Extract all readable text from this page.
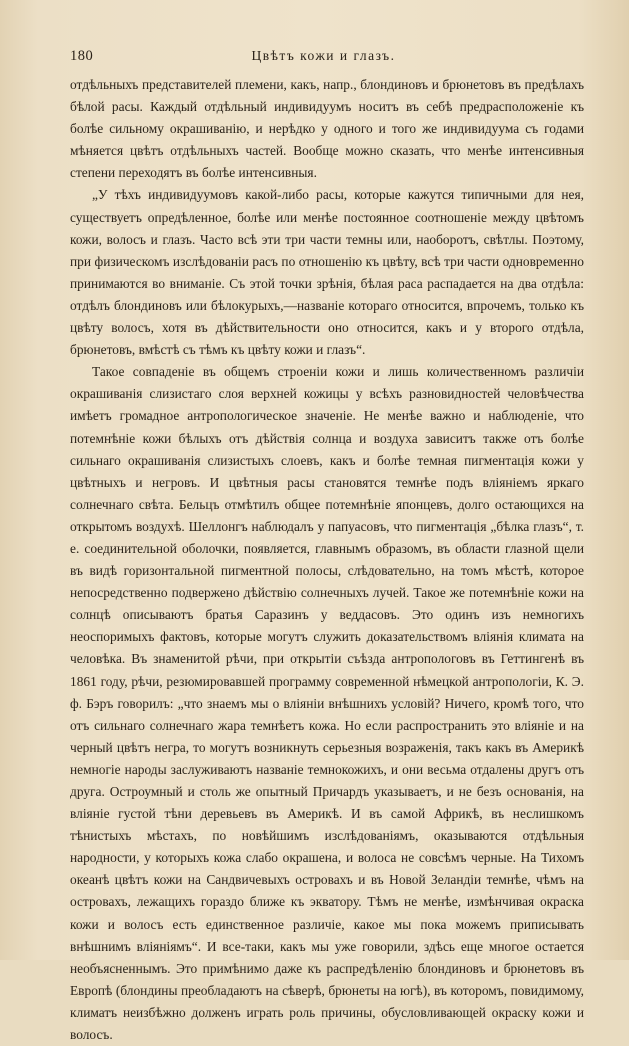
180	Цвѣтъ кожи и глазъ.

отдѣльныхъ представителей племени, какъ, напр., блондиновъ и брюнетовъ въ предѣлахъ бѣлой расы. Каждый отдѣльный индивидуумъ носитъ въ себѣ предрасположеніе къ болѣе сильному окрашиванію, и нерѣдко у одного и того же индивидуума съ годами мѣняется цвѣтъ отдѣльныхъ частей. Вообще можно сказать, что менѣе интенсивныя степени переходятъ въ болѣе интенсивныя.

„У тѣхъ индивидуумовъ какой-либо расы, которые кажутся типичными для нея, существуетъ опредѣленное, болѣе или менѣе постоянное соотношеніе между цвѣтомъ кожи, волосъ и глазъ. Часто всѣ эти три части темны или, наоборотъ, свѣтлы. Поэтому, при физическомъ изслѣдованіи расъ по отношенію къ цвѣту, всѣ три части одновременно принимаются во вниманіе. Съ этой точки зрѣнія, бѣлая раса распадается на два отдѣла: отдѣлъ блондиновъ или бѣлокурыхъ,—названіе котораго относится, впрочемъ, только къ цвѣту волосъ, хотя въ дѣйствительности оно относится, какъ и у второго отдѣла, брюнетовъ, вмѣстѣ съ тѣмъ къ цвѣту кожи и глазъ“.

Такое совпаденіе въ общемъ строеніи кожи и лишь количественномъ различіи окрашиванія слизистаго слоя верхней кожицы у всѣхъ разновидностей человѣчества имѣетъ громадное антропологическое значеніе. Не менѣе важно и наблюденіе, что потемнѣніе кожи бѣлыхъ отъ дѣйствія солнца и воздуха зависитъ также отъ болѣе сильнаго окрашиванія слизистыхъ слоевъ, какъ и болѣе темная пигментація кожи у цвѣтныхъ и негровъ. И цвѣтныя расы становятся темнѣе подъ вліяніемъ яркаго солнечнаго свѣта. Бельцъ отмѣтилъ общее потемнѣніе японцевъ, долго остающихся на открытомъ воздухѣ. Шеллонгъ наблюдалъ у папуасовъ, что пигментація „бѣлка глазъ“, т. е. соединительной оболочки, появляется, главнымъ образомъ, въ области глазной щели въ видѣ горизонтальной пигментной полосы, слѣдовательно, на томъ мѣстѣ, которое непосредственно подвержено дѣйствію солнечныхъ лучей. Такое же потемнѣніе кожи на солнцѣ описываютъ братья Саразинъ у веддасовъ. Это одинъ изъ немногихъ неоспоримыхъ фактовъ, которые могутъ служить доказательствомъ вліянія климата на человѣка. Въ знаменитой рѣчи, при открытіи съѣзда антропологовъ въ Геттингенѣ въ 1861 году, рѣчи, резюмировавшей программу современной нѣмецкой антропологіи, К. Э. ф. Бэръ говорилъ: „что знаемъ мы о вліяніи внѣшнихъ условій? Ничего, кромѣ того, что отъ сильнаго солнечнаго жара темнѣетъ кожа. Но если распространить это вліяніе и на черный цвѣтъ негра, то могутъ возникнуть серьезныя возраженія, такъ какъ въ Америкѣ немногіе народы заслуживаютъ названіе темнокожихъ, и они весьма отдалены другъ отъ друга. Остроумный и столь же опытный Причардъ указываетъ, и не безъ основанія, на вліяніе густой тѣни деревьевъ въ Америкѣ. И въ самой Африкѣ, въ неслишкомъ тѣнистыхъ мѣстахъ, по новѣйшимъ изслѣдованіямъ, оказываются отдѣльныя народности, у которыхъ кожа слабо окрашена, и волоса не совсѣмъ черные. На Тихомъ океанѣ цвѣтъ кожи на Сандвичевыхъ островахъ и въ Новой Зеландіи темнѣе, чѣмъ на островахъ, лежащихъ гораздо ближе къ экватору. Тѣмъ не менѣе, измѣнчивая окраска кожи и волосъ есть единственное различіе, какое мы пока можемъ приписывать внѣшнимъ вліяніямъ“. И все-таки, какъ мы уже говорили, здѣсь еще многое остается необъясненнымъ. Это примѣнимо даже къ распредѣленію блондиновъ и брюнетовъ въ Европѣ (блондины преобладаютъ на сѣверѣ, брюнеты на югѣ), въ которомъ, повидимому, климатъ неизбѣжно долженъ играть роль причины, обусловливающей окраску кожи и волосъ.
